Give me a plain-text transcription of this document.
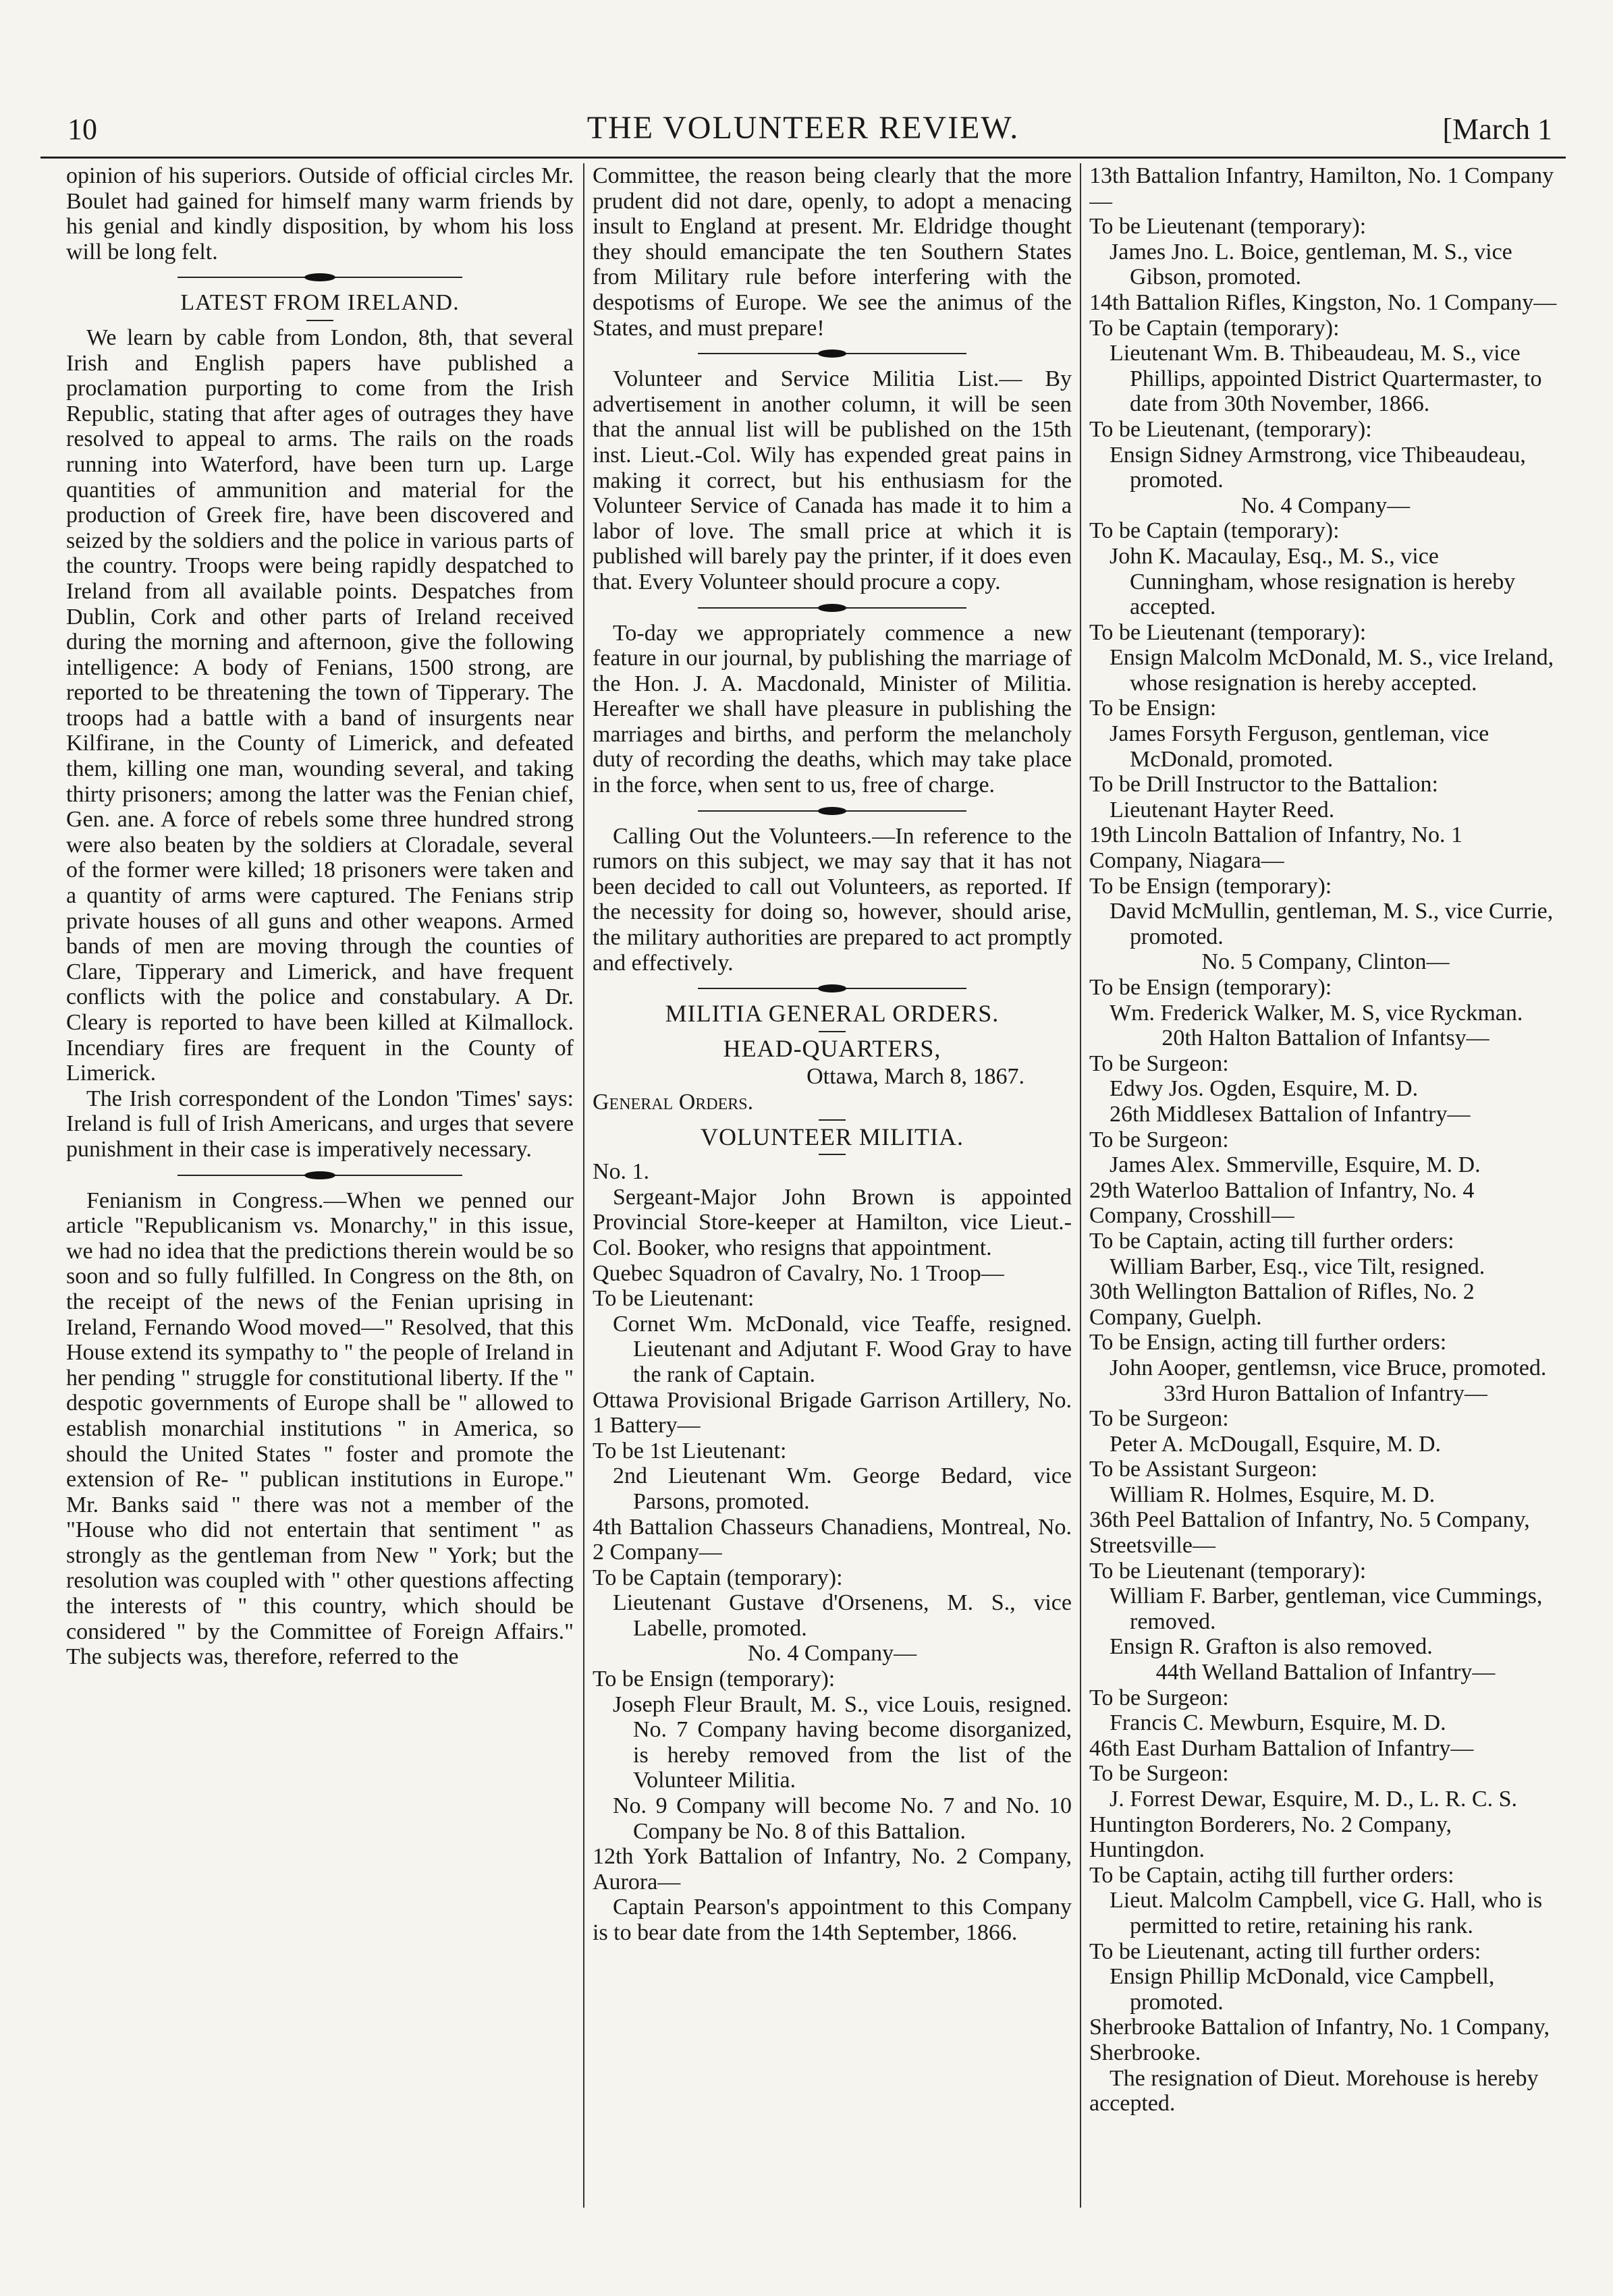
10	THE VOLUNTEER REVIEW.	[March 1

opinion of his superiors. Outside of official circles Mr. Boulet had gained for himself many warm friends by his genial and kindly disposition, by whom his loss will be long felt.

LATEST FROM IRELAND.

We learn by cable from London, 8th, that several Irish and English papers have published a proclamation purporting to come from the Irish Republic, stating that after ages of outrages they have resolved to appeal to arms. The rails on the roads running into Waterford, have been turn up. Large quantities of ammunition and material for the production of Greek fire, have been discovered and seized by the soldiers and the police in various parts of the country. Troops were being rapidly despatched to Ireland from all available points. Despatches from Dublin, Cork and other parts of Ireland received during the morning and afternoon, give the following intelligence: A body of Fenians, 1500 strong, are reported to be threatening the town of Tipperary. The troops had a battle with a band of insurgents near Kilfirane, in the County of Limerick, and defeated them, killing one man, wounding several, and taking thirty prisoners; among the latter was the Fenian chief, Gen. ane. A force of rebels some three hundred strong were also beaten by the soldiers at Cloradale, several of the former were killed; 18 prisoners were taken and a quantity of arms were captured. The Fenians strip private houses of all guns and other weapons. Armed bands of men are moving through the counties of Clare, Tipperary and Limerick, and have frequent conflicts with the police and constabulary. A Dr. Cleary is reported to have been killed at Kilmallock. Incendiary fires are frequent in the County of Limerick.

The Irish correspondent of the London 'Times' says: Ireland is full of Irish Americans, and urges that severe punishment in their case is imperatively necessary.

Fenianism in Congress.—When we penned our article "Republicanism vs. Monarchy," in this issue, we had no idea that the predictions therein would be so soon and so fully fulfilled. In Congress on the 8th, on the receipt of the news of the Fenian uprising in Ireland, Fernando Wood moved—" Resolved, that this House extend its sympathy to " the people of Ireland in her pending " struggle for constitutional liberty. If the " despotic governments of Europe shall be " allowed to establish monarchial institutions " in America, so should the United States " foster and promote the extension of Re- " publican institutions in Europe." Mr. Banks said " there was not a member of the "House who did not entertain that sentiment " as strongly as the gentleman from New " York; but the resolution was coupled with " other questions affecting the interests of " this country, which should be considered " by the Committee of Foreign Affairs." The subjects was, therefore, referred to the

Committee, the reason being clearly that the more prudent did not dare, openly, to adopt a menacing insult to England at present. Mr. Eldridge thought they should emancipate the ten Southern States from Military rule before interfering with the despotisms of Europe. We see the animus of the States, and must prepare!

Volunteer and Service Militia List.— By advertisement in another column, it will be seen that the annual list will be published on the 15th inst. Lieut.-Col. Wily has expended great pains in making it correct, but his enthusiasm for the Volunteer Service of Canada has made it to him a labor of love. The small price at which it is published will barely pay the printer, if it does even that. Every Volunteer should procure a copy.

To-day we appropriately commence a new feature in our journal, by publishing the marriage of the Hon. J. A. Macdonald, Minister of Militia. Hereafter we shall have pleasure in publishing the marriages and births, and perform the melancholy duty of recording the deaths, which may take place in the force, when sent to us, free of charge.

Calling Out the Volunteers.—In reference to the rumors on this subject, we may say that it has not been decided to call out Volunteers, as reported. If the necessity for doing so, however, should arise, the military authorities are prepared to act promptly and effectively.

MILITIA GENERAL ORDERS.

HEAD-QUARTERS,

Ottawa, March 8, 1867.

General Orders.

VOLUNTEER MILITIA.

No. 1.

Sergeant-Major John Brown is appointed Provincial Store-keeper at Hamilton, vice Lieut.-Col. Booker, who resigns that appointment.

Quebec Squadron of Cavalry, No. 1 Troop—

To be Lieutenant:

Cornet Wm. McDonald, vice Teaffe, resigned. Lieutenant and Adjutant F. Wood Gray to have the rank of Captain.

Ottawa Provisional Brigade Garrison Artillery, No. 1 Battery—

To be 1st Lieutenant:

2nd Lieutenant Wm. George Bedard, vice Parsons, promoted.

4th Battalion Chasseurs Chanadiens, Montreal, No. 2 Company—

To be Captain (temporary):

Lieutenant Gustave d'Orsenens, M. S., vice Labelle, promoted.

No. 4 Company—

To be Ensign (temporary):

Joseph Fleur Brault, M. S., vice Louis, resigned. No. 7 Company having become disorganized, is hereby removed from the list of the Volunteer Militia.

No. 9 Company will become No. 7 and No. 10 Company be No. 8 of this Battalion.

12th York Battalion of Infantry, No. 2 Company, Aurora—

Captain Pearson's appointment to this Company is to bear date from the 14th September, 1866.

13th Battalion Infantry, Hamilton, No. 1 Company—

To be Lieutenant (temporary):

James Jno. L. Boice, gentleman, M. S., vice Gibson, promoted.

14th Battalion Rifles, Kingston, No. 1 Company—

To be Captain (temporary):

Lieutenant Wm. B. Thibeaudeau, M. S., vice Phillips, appointed District Quartermaster, to date from 30th November, 1866.

To be Lieutenant, (temporary):

Ensign Sidney Armstrong, vice Thibeaudeau, promoted.

No. 4 Company—

To be Captain (temporary):

John K. Macaulay, Esq., M. S., vice Cunningham, whose resignation is hereby accepted.

To be Lieutenant (temporary):

Ensign Malcolm McDonald, M. S., vice Ireland, whose resignation is hereby accepted.

To be Ensign:

James Forsyth Ferguson, gentleman, vice McDonald, promoted.

To be Drill Instructor to the Battalion:

Lieutenant Hayter Reed.

19th Lincoln Battalion of Infantry, No. 1 Company, Niagara—

To be Ensign (temporary):

David McMullin, gentleman, M. S., vice Currie, promoted.

No. 5 Company, Clinton—

To be Ensign (temporary):

Wm. Frederick Walker, M. S, vice Ryckman.

20th Halton Battalion of Infantsy—

To be Surgeon:

Edwy Jos. Ogden, Esquire, M. D.

26th Middlesex Battalion of Infantry—

To be Surgeon:

James Alex. Smmerville, Esquire, M. D.

29th Waterloo Battalion of Infantry, No. 4 Company, Crosshill—

To be Captain, acting till further orders:

William Barber, Esq., vice Tilt, resigned.

30th Wellington Battalion of Rifles, No. 2 Company, Guelph.

To be Ensign, acting till further orders:

John Aooper, gentlemsn, vice Bruce, promoted.

33rd Huron Battalion of Infantry—

To be Surgeon:

Peter A. McDougall, Esquire, M. D.

To be Assistant Surgeon:

William R. Holmes, Esquire, M. D.

36th Peel Battalion of Infantry, No. 5 Company, Streetsville—

To be Lieutenant (temporary):

William F. Barber, gentleman, vice Cummings, removed.

Ensign R. Grafton is also removed.

44th Welland Battalion of Infantry—

To be Surgeon:

Francis C. Mewburn, Esquire, M. D.

46th East Durham Battalion of Infantry—

To be Surgeon:

J. Forrest Dewar, Esquire, M. D., L. R. C. S.

Huntington Borderers, No. 2 Company, Huntingdon.

To be Captain, actihg till further orders:

Lieut. Malcolm Campbell, vice G. Hall, who is permitted to retire, retaining his rank.

To be Lieutenant, acting till further orders:

Ensign Phillip McDonald, vice Campbell, promoted.

Sherbrooke Battalion of Infantry, No. 1 Company, Sherbrooke.

The resignation of Dieut. Morehouse is hereby accepted.
